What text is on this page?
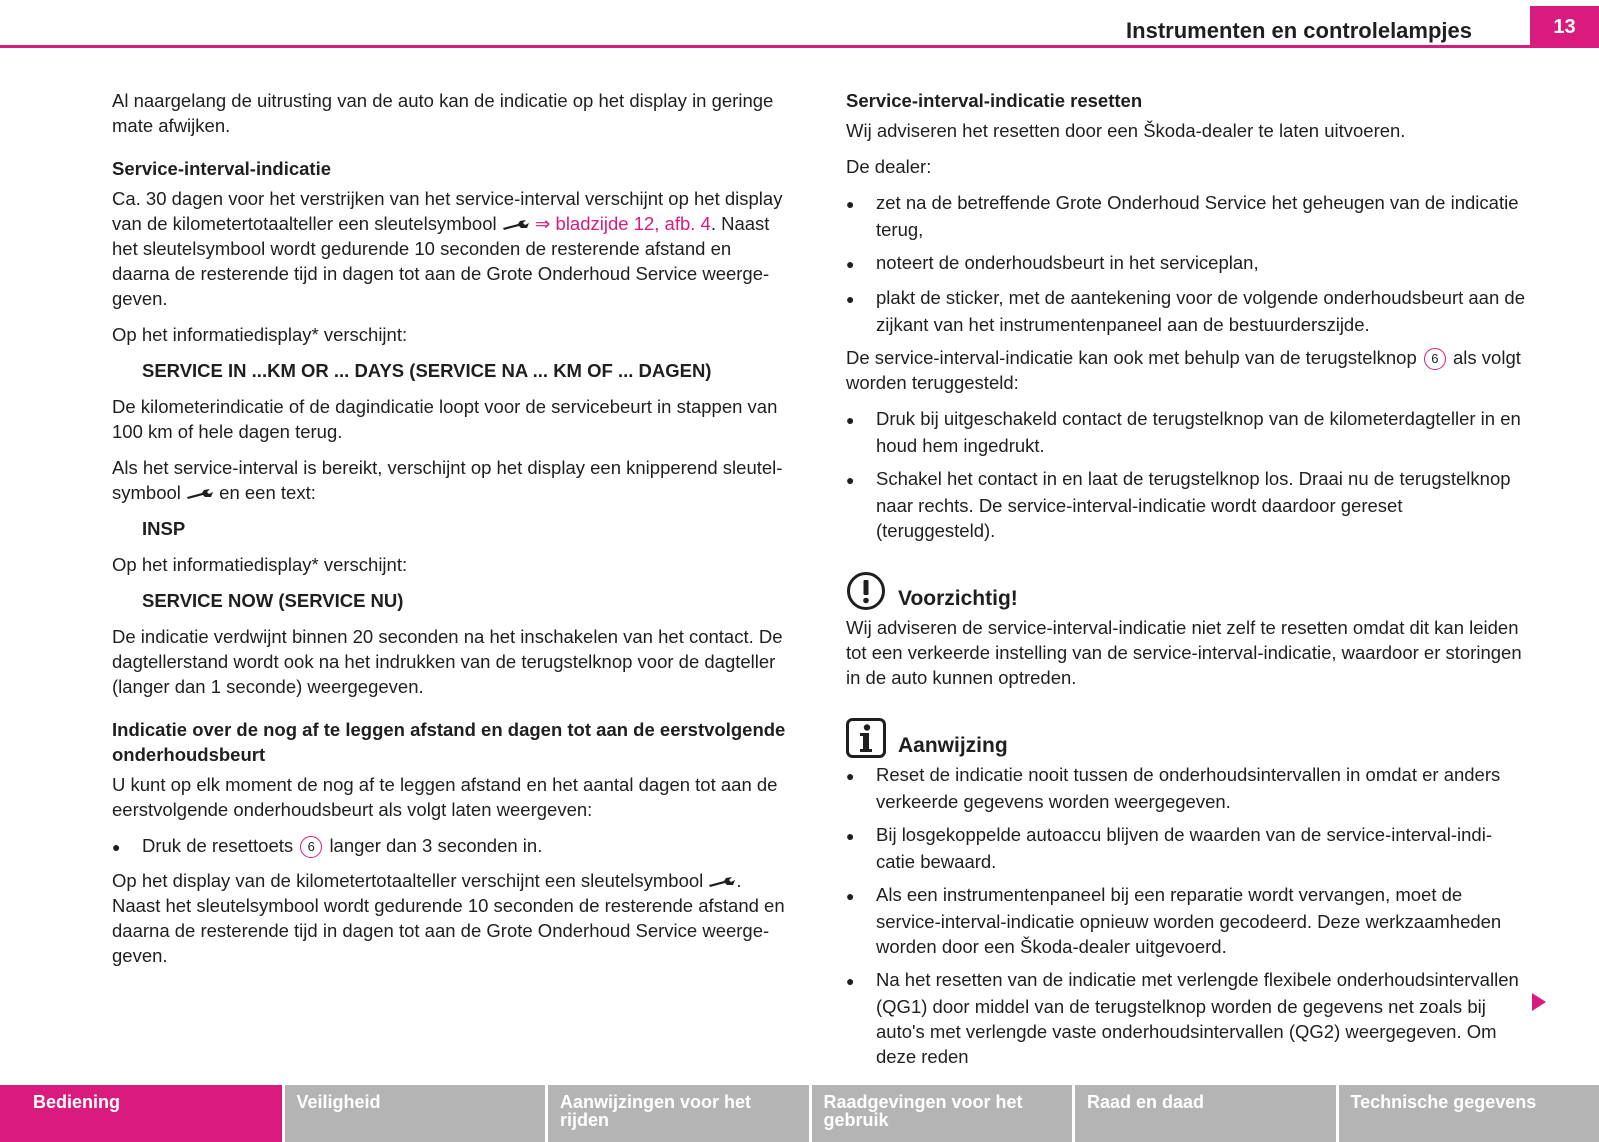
Instrumenten en controlelampjes	13

Al naargelang de uitrusting van de auto kan de indicatie op het display in geringe mate afwijken.

Service-interval-indicatie

Ca. 30 dagen voor het verstrijken van het service-interval verschijnt op het display van de kilometertotaalteller een sleutelsymbool ⇒ bladzijde 12, afb. 4. Naast het sleutelsymbool wordt gedurende 10 seconden de resterende afstand en daarna de resterende tijd in dagen tot aan de Grote Onderhoud Service weerge-geven.

Op het informatiedisplay* verschijnt:

SERVICE IN ...KM OR ... DAYS (SERVICE NA ... KM OF ... DAGEN)

De kilometerindicatie of de dagindicatie loopt voor de servicebeurt in stappen van 100 km of hele dagen terug.

Als het service-interval is bereikt, verschijnt op het display een knipperend sleutel-symbool en een text:

INSP

Op het informatiedisplay* verschijnt:

SERVICE NOW (SERVICE NU)

De indicatie verdwijnt binnen 20 seconden na het inschakelen van het contact. De dagtellerstand wordt ook na het indrukken van de terugstelknop voor de dagteller (langer dan 1 seconde) weergegeven.

Indicatie over de nog af te leggen afstand en dagen tot aan de eerstvolgende onderhoudsbeurt

U kunt op elk moment de nog af te leggen afstand en het aantal dagen tot aan de eerstvolgende onderhoudsbeurt als volgt laten weergeven:

● Druk de resettoets 6 langer dan 3 seconden in.

Op het display van de kilometertotaalteller verschijnt een sleutelsymbool . Naast het sleutelsymbool wordt gedurende 10 seconden de resterende afstand en daarna de resterende tijd in dagen tot aan de Grote Onderhoud Service weerge-geven.

Service-interval-indicatie resetten

Wij adviseren het resetten door een Škoda-dealer te laten uitvoeren.

De dealer:

● zet na de betreffende Grote Onderhoud Service het geheugen van de indicatie terug,

● noteert de onderhoudsbeurt in het serviceplan,

● plakt de sticker, met de aantekening voor de volgende onderhoudsbeurt aan de zijkant van het instrumentenpaneel aan de bestuurderszijde.

De service-interval-indicatie kan ook met behulp van de terugstelknop 6 als volgt worden teruggesteld:

● Druk bij uitgeschakeld contact de terugstelknop van de kilometerdagteller in en houd hem ingedrukt.

● Schakel het contact in en laat de terugstelknop los. Draai nu de terugstelknop naar rechts. De service-interval-indicatie wordt daardoor gereset (teruggesteld).

Voorzichtig!

Wij adviseren de service-interval-indicatie niet zelf te resetten omdat dit kan leiden tot een verkeerde instelling van de service-interval-indicatie, waardoor er storingen in de auto kunnen optreden.

Aanwijzing

● Reset de indicatie nooit tussen de onderhoudsintervallen in omdat er anders verkeerde gegevens worden weergegeven.

● Bij losgekoppelde autoaccu blijven de waarden van de service-interval-indi-catie bewaard.

● Als een instrumentenpaneel bij een reparatie wordt vervangen, moet de service-interval-indicatie opnieuw worden gecodeerd. Deze werkzaamheden worden door een Škoda-dealer uitgevoerd.

● Na het resetten van de indicatie met verlengde flexibele onderhoudsintervallen (QG1) door middel van de terugstelknop worden de gegevens net zoals bij auto's met verlengde vaste onderhoudsintervallen (QG2) weergegeven. Om deze reden

Bediening	Veiligheid	Aanwijzingen voor het rijden
Raadgevingen voor het gebruik
Raad en daad	Technische gegevens
